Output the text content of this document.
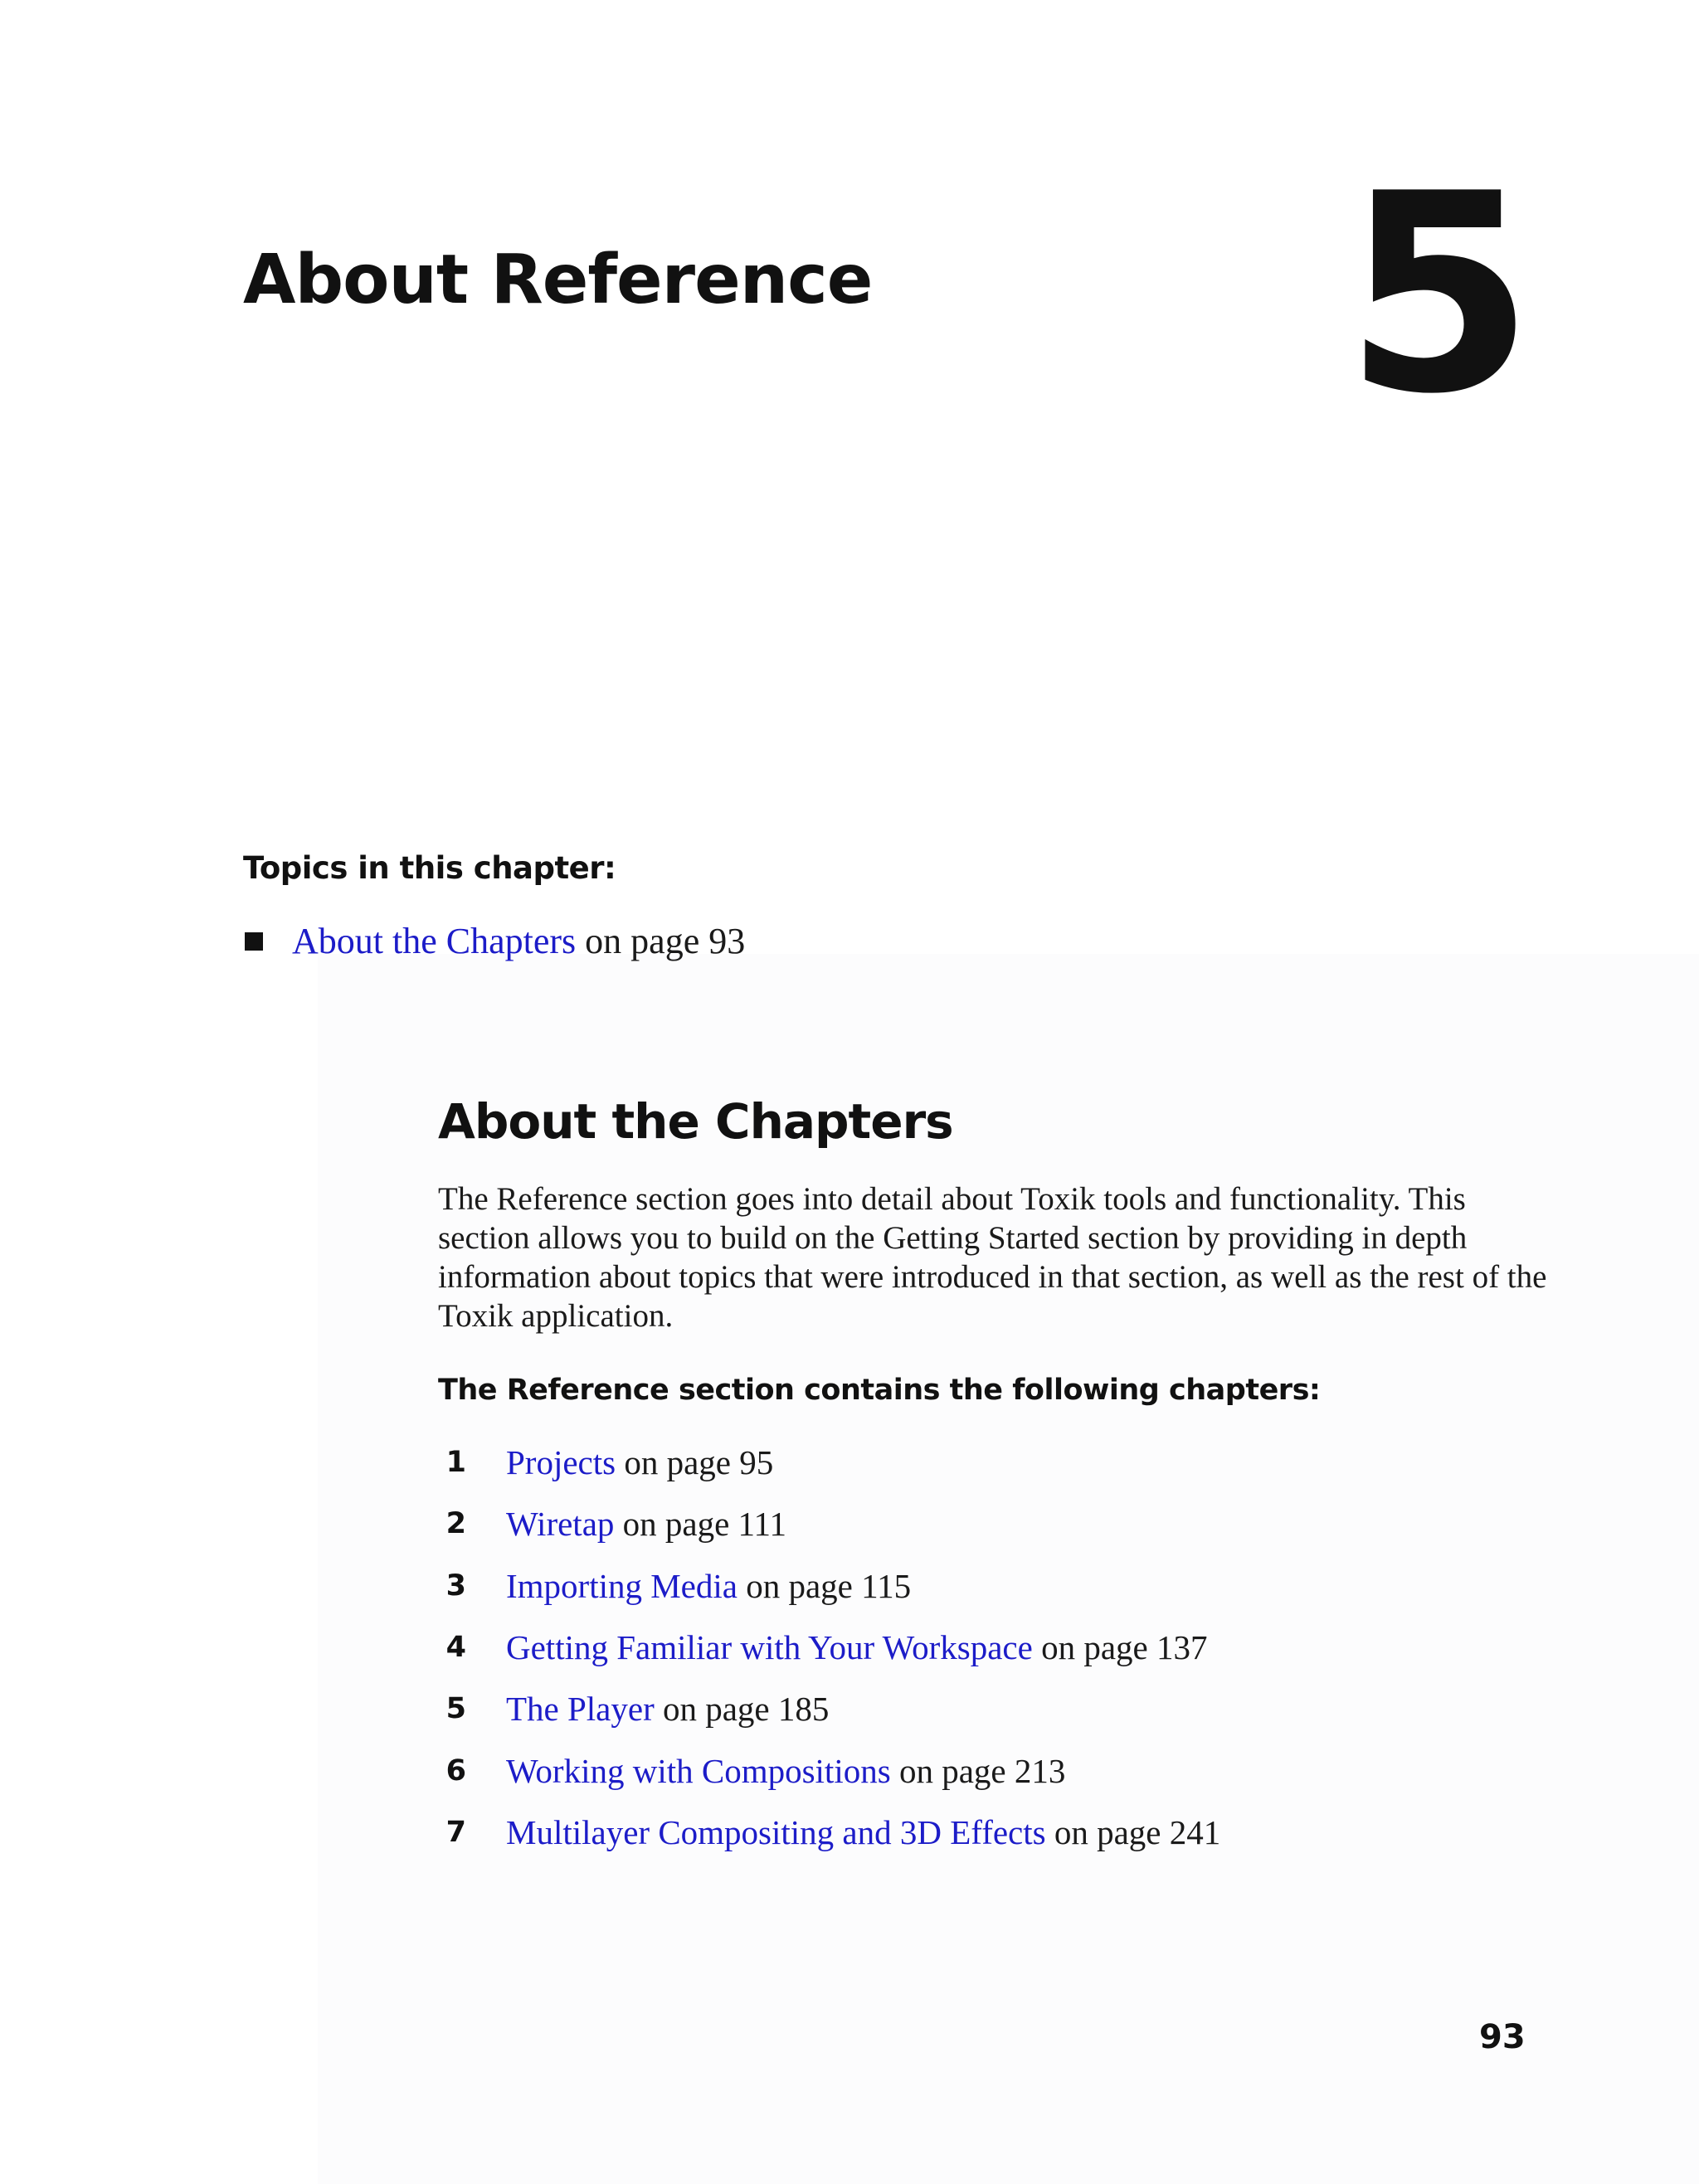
About Reference 5
Topics in this chapter:
About the Chapters on page 93
About the Chapters

The Reference section goes into detail about Toxik tools and functionality. This section allows you to build on the Getting Started section by providing in depth information about topics that were introduced in that section, as well as the rest of the Toxik application.

The Reference section contains the following chapters:
1 Projects on page 95
2 Wiretap on page 111
3 Importing Media on page 115
4 Getting Familiar with Your Workspace on page 137
5 The Player on page 185
6 Working with Compositions on page 213
7 Multilayer Compositing and 3D Effects on page 241
93
